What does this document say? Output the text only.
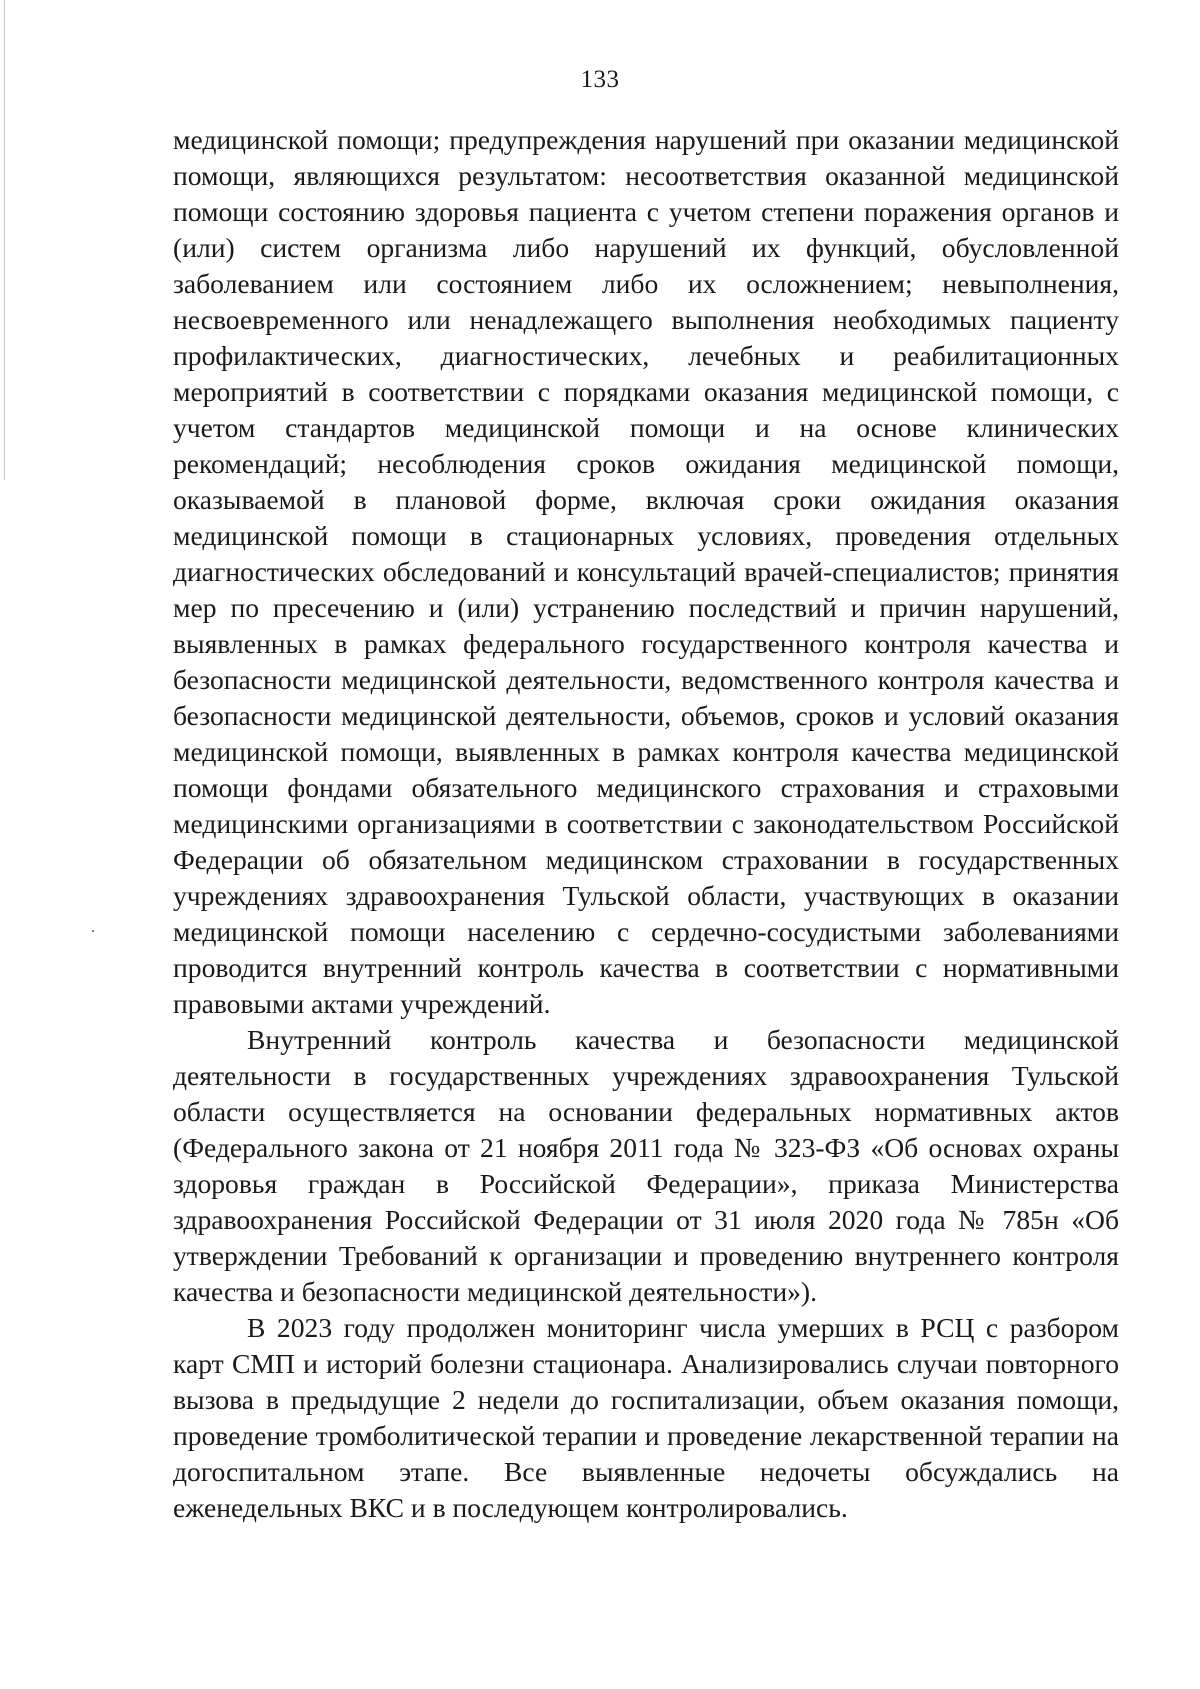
133

медицинской помощи; предупреждения нарушений при оказании медицинской помощи, являющихся результатом: несоответствия оказанной медицинской помощи состоянию здоровья пациента с учетом степени поражения органов и (или) систем организма либо нарушений их функций, обусловленной заболеванием или состоянием либо их осложнением; невыполнения, несвоевременного или ненадлежащего выполнения необходимых пациенту профилактических, диагностических, лечебных и реабилитационных мероприятий в соответствии с порядками оказания медицинской помощи, с учетом стандартов медицинской помощи и на основе клинических рекомендаций; несоблюдения сроков ожидания медицинской помощи, оказываемой в плановой форме, включая сроки ожидания оказания медицинской помощи в стационарных условиях, проведения отдельных диагностических обследований и консультаций врачей-специалистов; принятия мер по пресечению и (или) устранению последствий и причин нарушений, выявленных в рамках федерального государственного контроля качества и безопасности медицинской деятельности, ведомственного контроля качества и безопасности медицинской деятельности, объемов, сроков и условий оказания медицинской помощи, выявленных в рамках контроля качества медицинской помощи фондами обязательного медицинского страхования и страховыми медицинскими организациями в соответствии с законодательством Российской Федерации об обязательном медицинском страховании в государственных учреждениях здравоохранения Тульской области, участвующих в оказании медицинской помощи населению с сердечно-сосудистыми заболеваниями проводится внутренний контроль качества в соответствии с нормативными правовыми актами учреждений.

Внутренний контроль качества и безопасности медицинской деятельности в государственных учреждениях здравоохранения Тульской области осуществляется на основании федеральных нормативных актов (Федерального закона от 21 ноября 2011 года № 323-ФЗ «Об основах охраны здоровья граждан в Российской Федерации», приказа Министерства здравоохранения Российской Федерации от 31 июля 2020 года № 785н «Об утверждении Требований к организации и проведению внутреннего контроля качества и безопасности медицинской деятельности»).

В 2023 году продолжен мониторинг числа умерших в РСЦ с разбором карт СМП и историй болезни стационара. Анализировались случаи повторного вызова в предыдущие 2 недели до госпитализации, объем оказания помощи, проведение тромболитической терапии и проведение лекарственной терапии на догоспитальном этапе. Все выявленные недочеты обсуждались на еженедельных ВКС и в последующем контролировались.
